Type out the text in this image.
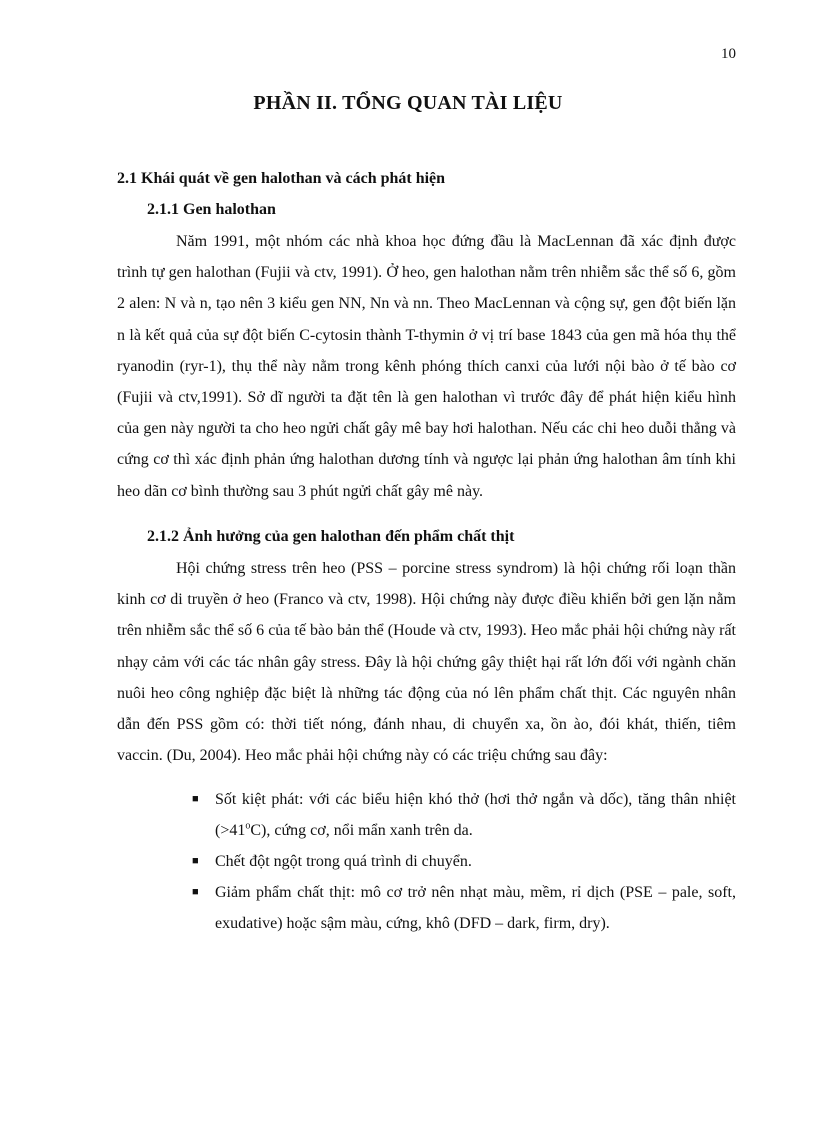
10
PHẦN II. TỔNG QUAN TÀI LIỆU
2.1 Khái quát về gen halothan và cách phát hiện
2.1.1 Gen halothan

Năm 1991, một nhóm các nhà khoa học đứng đầu là MacLennan đã xác định được trình tự gen halothan (Fujii và ctv, 1991). Ở heo, gen halothan nằm trên nhiễm sắc thể số 6, gồm 2 alen: N và n, tạo nên 3 kiểu gen NN, Nn và nn. Theo MacLennan và cộng sự, gen đột biến lặn n là kết quả của sự đột biến C-cytosin thành T-thymin ở vị trí base 1843 của gen mã hóa thụ thể ryanodin (ryr-1), thụ thể này nằm trong kênh phóng thích canxi của lưới nội bào ở tế bào cơ (Fujii và ctv,1991). Sở dĩ người ta đặt tên là gen halothan vì trước đây để phát hiện kiểu hình của gen này người ta cho heo ngửi chất gây mê bay hơi halothan. Nếu các chi heo duỗi thẳng và cứng cơ thì xác định phản ứng halothan dương tính và ngược lại phản ứng halothan âm tính khi heo dãn cơ bình thường sau 3 phút ngửi chất gây mê này.

2.1.2 Ảnh hưởng của gen halothan đến phẩm chất thịt

Hội chứng stress trên heo (PSS – porcine stress syndrom) là hội chứng rối loạn thần kinh cơ di truyền ở heo (Franco và ctv, 1998). Hội chứng này được điều khiển bởi gen lặn nằm trên nhiễm sắc thể số 6 của tế bào bản thể (Houde và ctv, 1993). Heo mắc phải hội chứng này rất nhạy cảm với các tác nhân gây stress. Đây là hội chứng gây thiệt hại rất lớn đối với ngành chăn nuôi heo công nghiệp đặc biệt là những tác động của nó lên phẩm chất thịt. Các nguyên nhân dẫn đến PSS gồm có: thời tiết nóng, đánh nhau, di chuyển xa, ồn ào, đói khát, thiến, tiêm vaccin. (Du, 2004). Heo mắc phải hội chứng này có các triệu chứng sau đây:

■ Sốt kiệt phát: với các biểu hiện khó thở (hơi thở ngắn và dốc), tăng thân nhiệt $(>41^oC)$, cứng cơ, nổi mẩn xanh trên da.
■ Chết đột ngột trong quá trình di chuyển.
■ Giảm phẩm chất thịt: mô cơ trở nên nhạt màu, mềm, rỉ dịch (PSE – pale, soft, exudative) hoặc sậm màu, cứng, khô (DFD – dark, firm, dry).
